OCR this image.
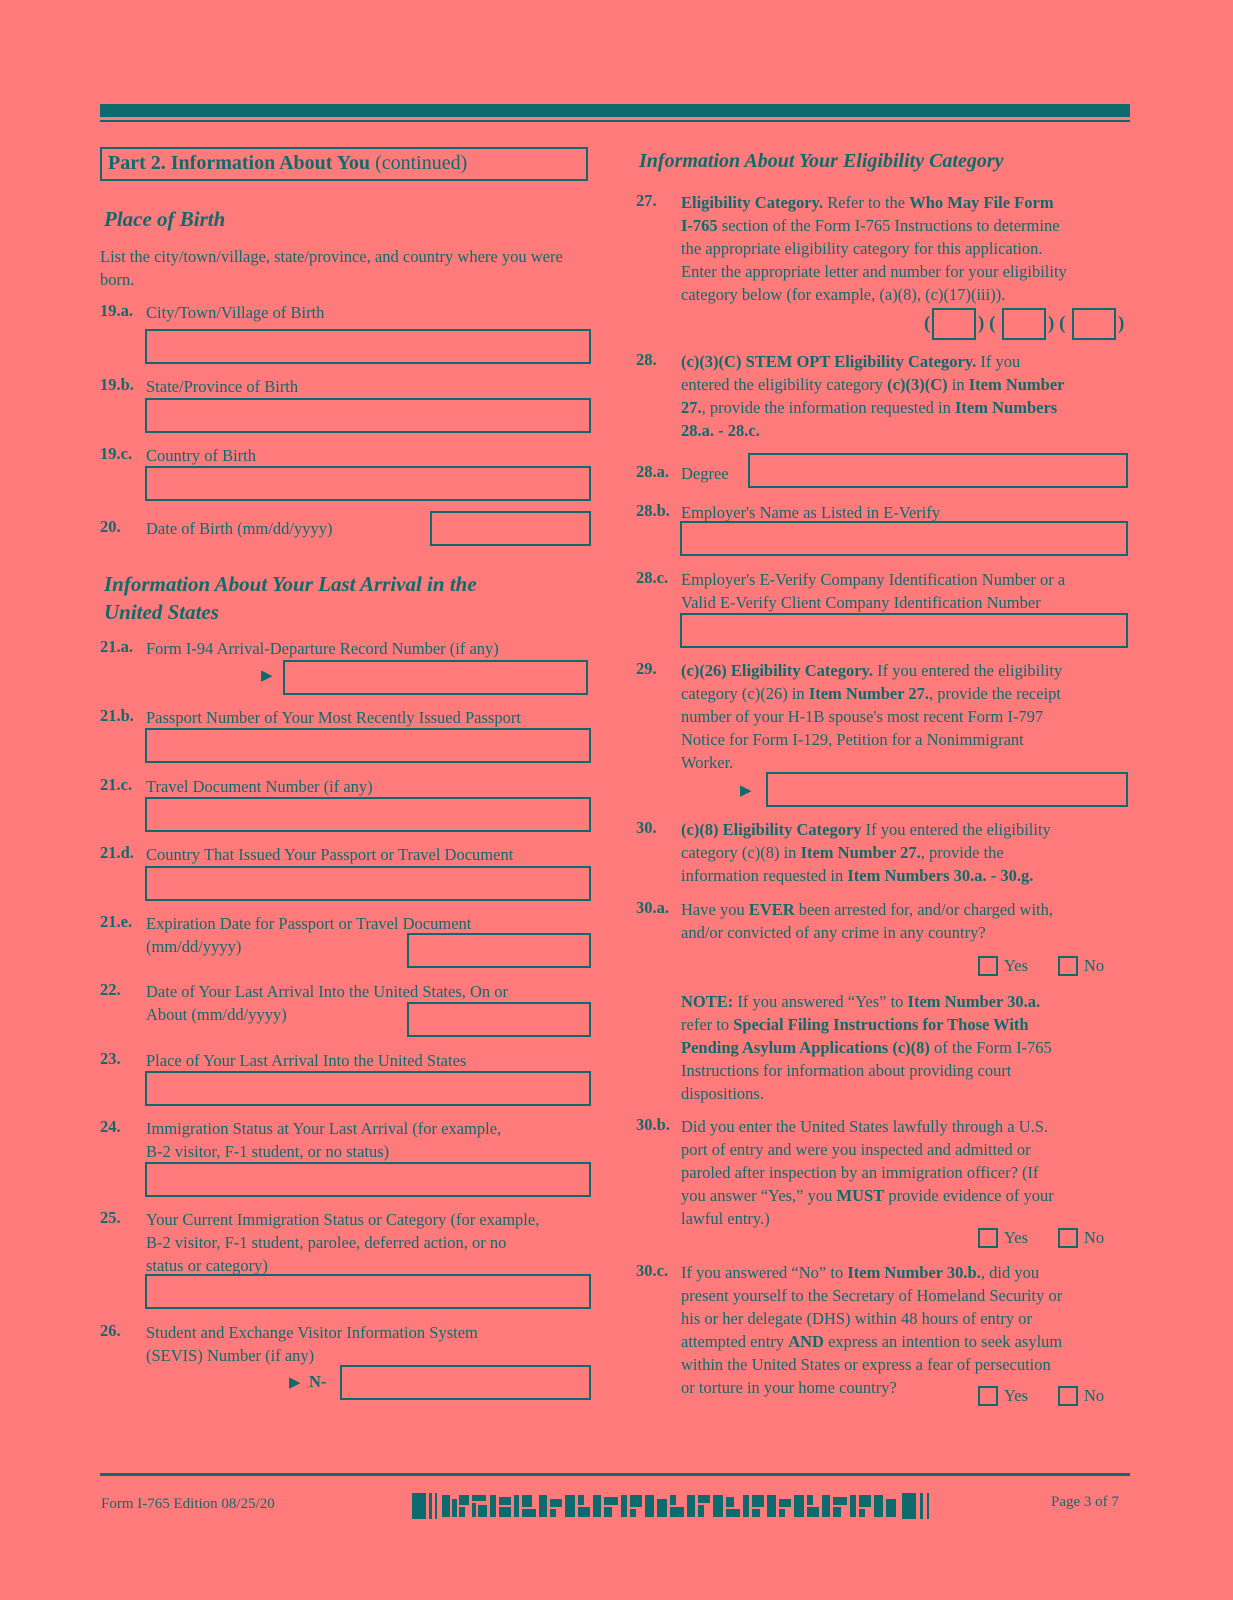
Part 2. Information About You (continued)
Place of Birth
List the city/town/village, state/province, and country where you were born.
19.a. City/Town/Village of Birth
19.b. State/Province of Birth
19.c. Country of Birth
20. Date of Birth (mm/dd/yyyy)
Information About Your Last Arrival in the
United States
21.a. Form I-94 Arrival-Departure Record Number (if any)
▶
21.b. Passport Number of Your Most Recently Issued Passport
21.c. Travel Document Number (if any)
21.d. Country That Issued Your Passport or Travel Document
21.e. Expiration Date for Passport or Travel Document
(mm/dd/yyyy)
22. Date of Your Last Arrival Into the United States, On or
About (mm/dd/yyyy)
23. Place of Your Last Arrival Into the United States
24. Immigration Status at Your Last Arrival (for example,
B-2 visitor, F-1 student, or no status)
25. Your Current Immigration Status or Category (for example,
B-2 visitor, F-1 student, parolee, deferred action, or no
status or category)
26. Student and Exchange Visitor Information System
(SEVIS) Number (if any)
▶ N-
Information About Your Eligibility Category
27. Eligibility Category. Refer to the Who May File Form
I-765 section of the Form I-765 Instructions to determine
the appropriate eligibility category for this application.
Enter the appropriate letter and number for your eligibility
category below (for example, (a)(8), (c)(17)(iii)).
(	) (	) (	)
28. (c)(3)(C) STEM OPT Eligibility Category. If you
entered the eligibility category (c)(3)(C) in Item Number
27., provide the information requested in Item Numbers
28.a. - 28.c.
28.a. Degree
28.b. Employer's Name as Listed in E-Verify
28.c. Employer's E-Verify Company Identification Number or a
Valid E-Verify Client Company Identification Number
29. (c)(26) Eligibility Category. If you entered the eligibility
category (c)(26) in Item Number 27., provide the receipt
number of your H-1B spouse's most recent Form I-797
Notice for Form I-129, Petition for a Nonimmigrant
Worker.
▶
30. (c)(8) Eligibility Category If you entered the eligibility
category (c)(8) in Item Number 27., provide the
information requested in Item Numbers 30.a. - 30.g.
30.a. Have you EVER been arrested for, and/or charged with,
and/or convicted of any crime in any country?
Yes	No
NOTE: If you answered “Yes” to Item Number 30.a.
refer to Special Filing Instructions for Those With
Pending Asylum Applications (c)(8) of the Form I-765
Instructions for information about providing court
dispositions.
30.b. Did you enter the United States lawfully through a U.S.
port of entry and were you inspected and admitted or
paroled after inspection by an immigration officer? (If
you answer “Yes,” you MUST provide evidence of your
lawful entry.)
Yes	No
30.c. If you answered “No” to Item Number 30.b., did you
present yourself to the Secretary of Homeland Security or
his or her delegate (DHS) within 48 hours of entry or
attempted entry AND express an intention to seek asylum
within the United States or express a fear of persecution
or torture in your home country?	Yes	No
Form I-765 Edition 08/25/20	Page 3 of 7
